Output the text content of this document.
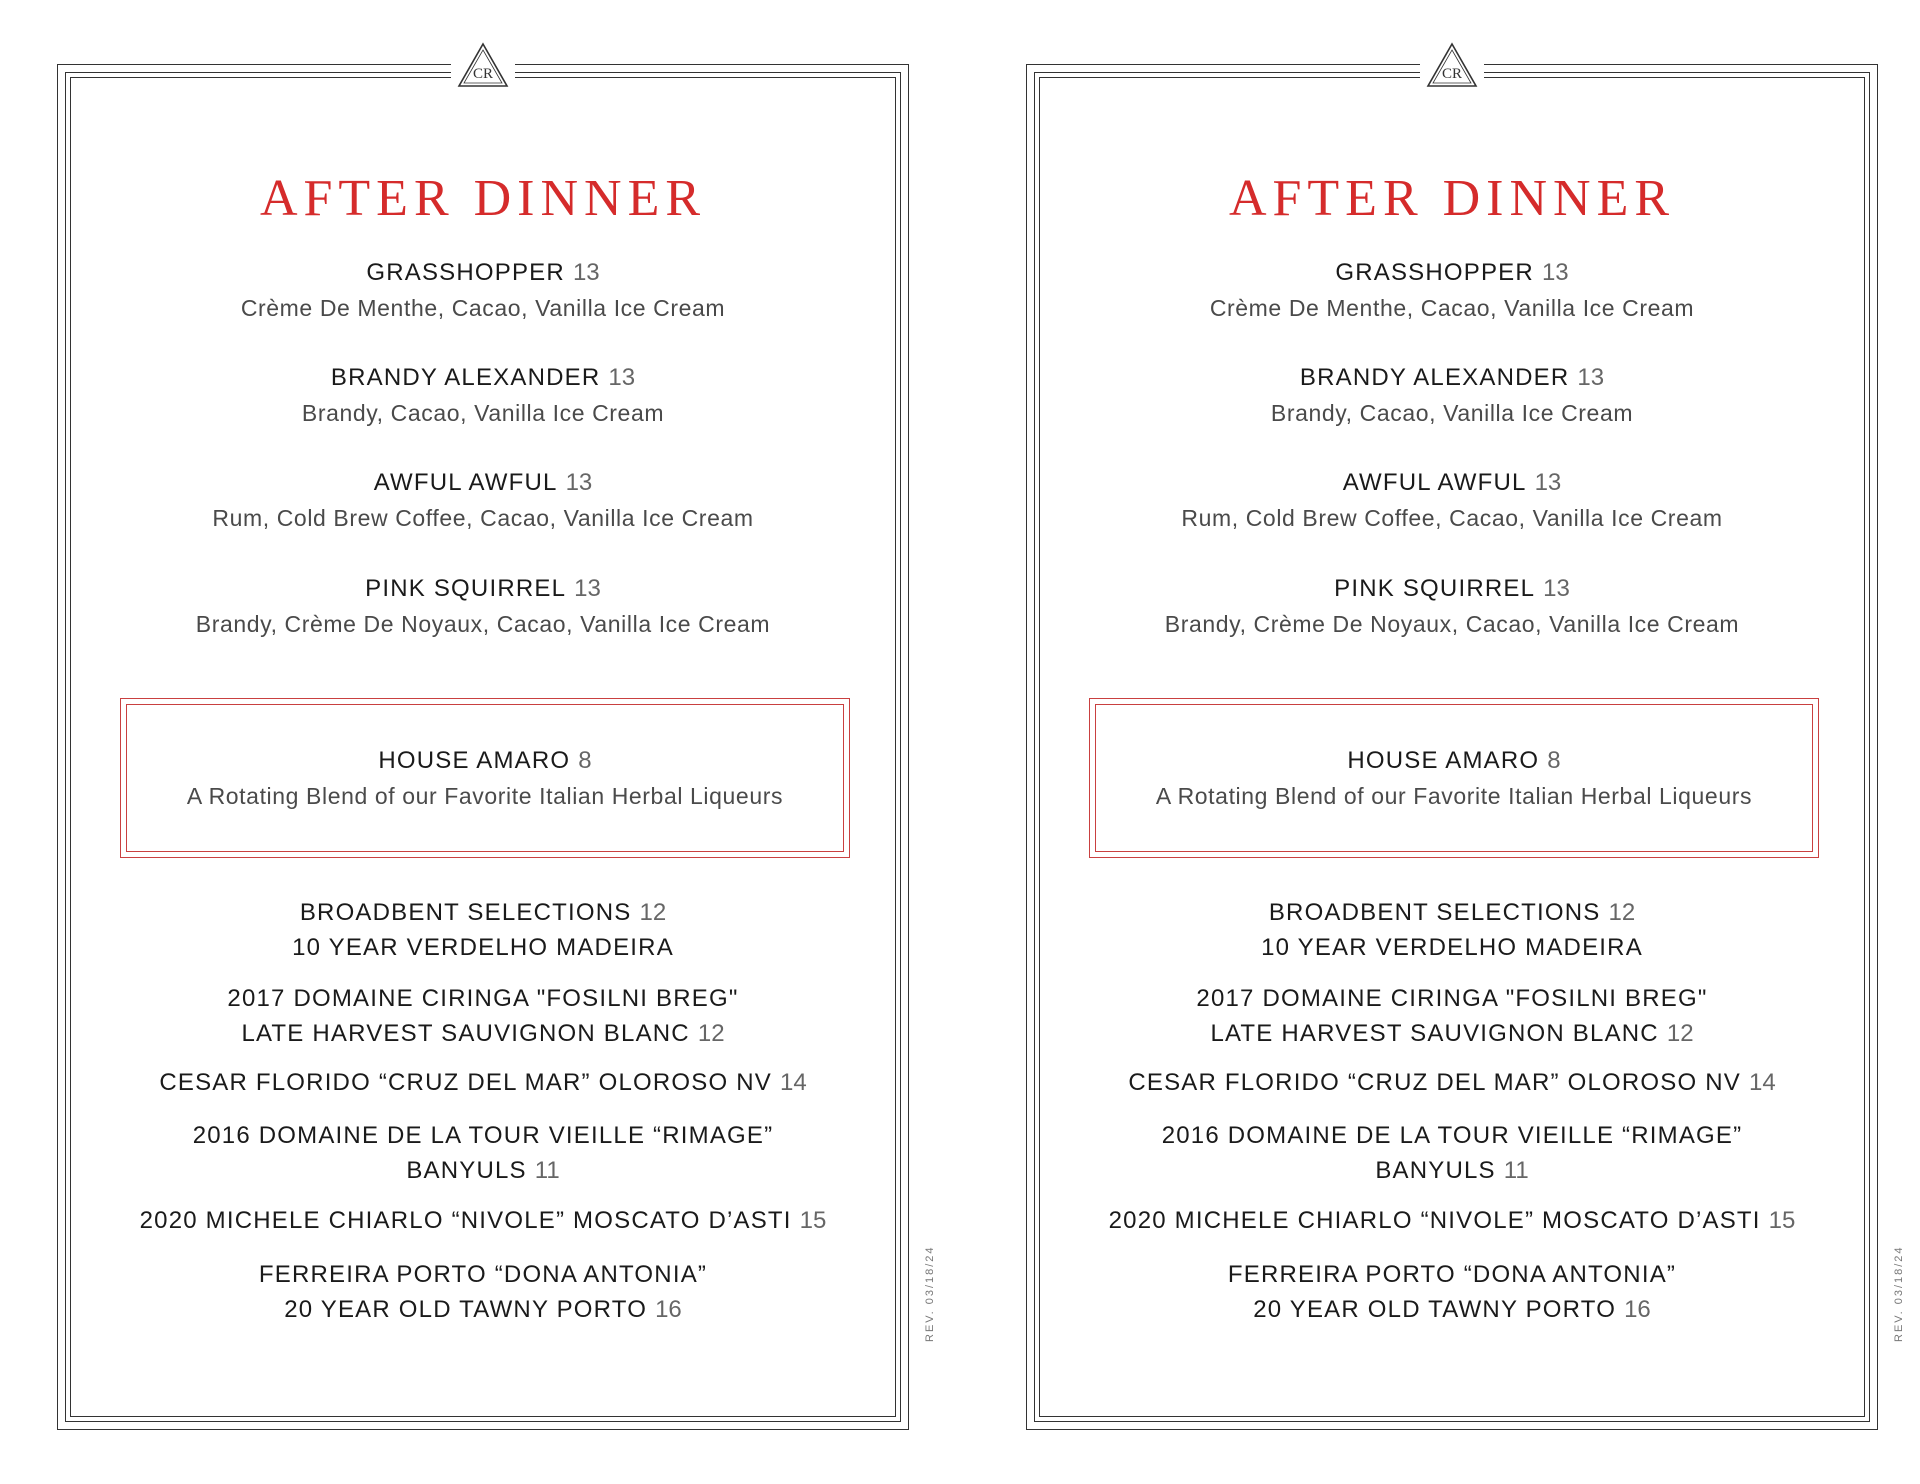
CR
AFTER DINNER
GRASSHOPPER 13
Crème De Menthe, Cacao, Vanilla Ice Cream
BRANDY ALEXANDER 13
Brandy, Cacao, Vanilla Ice Cream
AWFUL AWFUL 13
Rum, Cold Brew Coffee, Cacao, Vanilla Ice Cream
PINK SQUIRREL 13
Brandy, Crème De Noyaux, Cacao, Vanilla Ice Cream
HOUSE AMARO 8
A Rotating Blend of our Favorite Italian Herbal Liqueurs
BROADBENT SELECTIONS 12
10 YEAR VERDELHO MADEIRA
2017 DOMAINE CIRINGA "FOSILNI BREG"
LATE HARVEST SAUVIGNON BLANC 12
CESAR FLORIDO “CRUZ DEL MAR” OLOROSO NV 14
2016 DOMAINE DE LA TOUR VIEILLE “RIMAGE”
BANYULS 11
2020 MICHELE CHIARLO “NIVOLE” MOSCATO D’ASTI 15
FERREIRA PORTO “DONA ANTONIA”
20 YEAR OLD TAWNY PORTO 16
CR
AFTER DINNER
GRASSHOPPER 13
Crème De Menthe, Cacao, Vanilla Ice Cream
BRANDY ALEXANDER 13
Brandy, Cacao, Vanilla Ice Cream
AWFUL AWFUL 13
Rum, Cold Brew Coffee, Cacao, Vanilla Ice Cream
PINK SQUIRREL 13
Brandy, Crème De Noyaux, Cacao, Vanilla Ice Cream
HOUSE AMARO 8
A Rotating Blend of our Favorite Italian Herbal Liqueurs
BROADBENT SELECTIONS 12
10 YEAR VERDELHO MADEIRA
2017 DOMAINE CIRINGA "FOSILNI BREG"
LATE HARVEST SAUVIGNON BLANC 12
CESAR FLORIDO “CRUZ DEL MAR” OLOROSO NV 14
2016 DOMAINE DE LA TOUR VIEILLE “RIMAGE”
BANYULS 11
2020 MICHELE CHIARLO “NIVOLE” MOSCATO D’ASTI 15
FERREIRA PORTO “DONA ANTONIA”
20 YEAR OLD TAWNY PORTO 16
REV. 03/18/24	REV. 03/18/24
